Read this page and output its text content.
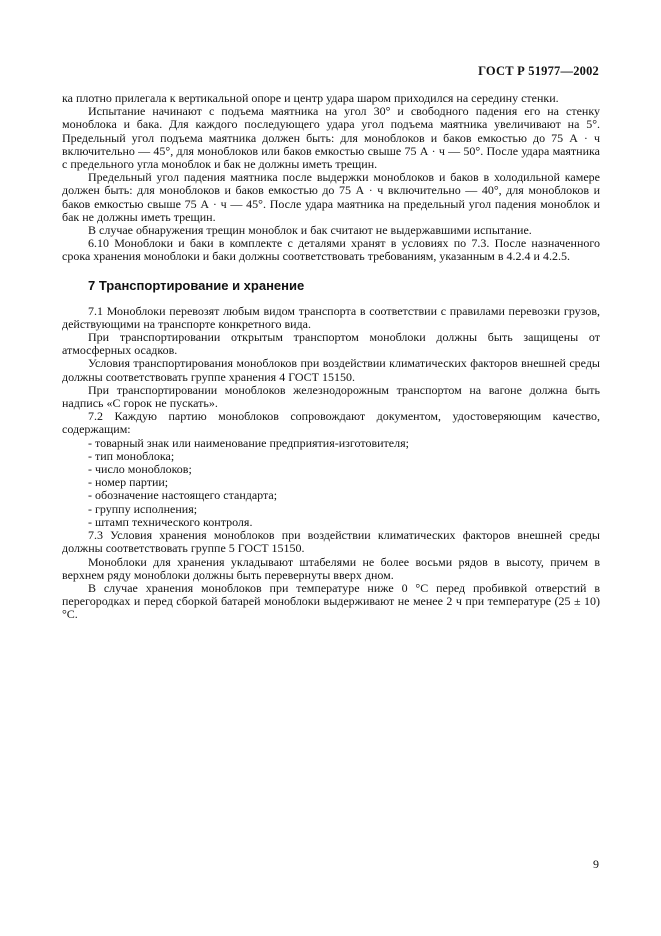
ГОСТ Р 51977—2002

ка плотно прилегала к вертикальной опоре и центр удара шаром приходился на середину стенки.

Испытание начинают с подъема маятника на угол 30° и свободного падения его на стенку моноблока и бака. Для каждого последующего удара угол подъема маятника увеличивают на 5°. Предельный угол подъема маятника должен быть: для моноблоков и баков емкостью до 75 А · ч включительно — 45°, для моноблоков или баков емкостью свыше 75 А · ч — 50°. После удара маятника с предельного угла моноблок и бак не должны иметь трещин.

Предельный угол падения маятника после выдержки моноблоков и баков в холодильной камере должен быть: для моноблоков и баков емкостью до 75 А · ч включительно — 40°, для моноблоков и баков емкостью свыше 75 А · ч — 45°. После удара маятника на предельный угол падения моноблок и бак не должны иметь трещин.

В случае обнаружения трещин моноблок и бак считают не выдержавшими испытание.

6.10 Моноблоки и баки в комплекте с деталями хранят в условиях по 7.3. После назначенного срока хранения моноблоки и баки должны соответствовать требованиям, указанным в 4.2.4 и 4.2.5.

7 Транспортирование и хранение

7.1 Моноблоки перевозят любым видом транспорта в соответствии с правилами перевозки грузов, действующими на транспорте конкретного вида.

При транспортировании открытым транспортом моноблоки должны быть защищены от атмосферных осадков.

Условия транспортирования моноблоков при воздействии климатических факторов внешней среды должны соответствовать группе хранения 4 ГОСТ 15150.

При транспортировании моноблоков железнодорожным транспортом на вагоне должна быть надпись «С горок не пускать».

7.2 Каждую партию моноблоков сопровождают документом, удостоверяющим качество, содержащим:

- товарный знак или наименование предприятия-изготовителя;
- тип моноблока;
- число моноблоков;
- номер партии;
- обозначение настоящего стандарта;
- группу исполнения;
- штамп технического контроля.

7.3 Условия хранения моноблоков при воздействии климатических факторов внешней среды должны соответствовать группе 5 ГОСТ 15150.

Моноблоки для хранения укладывают штабелями не более восьми рядов в высоту, причем в верхнем ряду моноблоки должны быть перевернуты вверх дном.

В случае хранения моноблоков при температуре ниже 0 °С перед пробивкой отверстий в перегородках и перед сборкой батарей моноблоки выдерживают не менее 2 ч при температуре (25 ± 10) °С.

9
